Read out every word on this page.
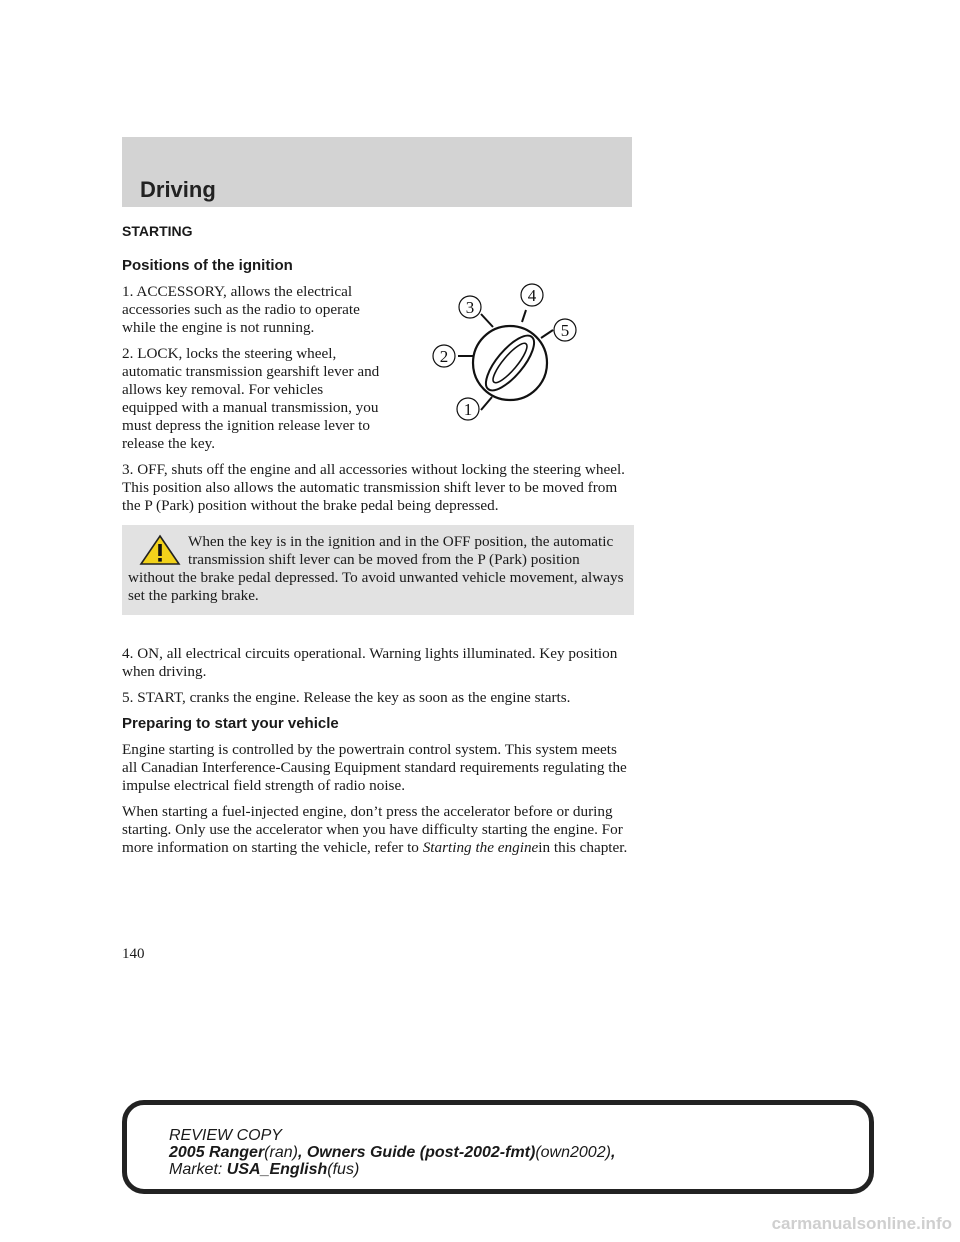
Driving
1
2
3
4
5
STARTING
Positions of the ignition

1. ACCESSORY, allows the electrical accessories such as the radio to operate while the engine is not running.

2. LOCK, locks the steering wheel, automatic transmission gearshift lever and allows key removal. For vehicles equipped with a manual transmission, you must depress the ignition release lever to release the key.

3. OFF, shuts off the engine and all accessories without locking the steering wheel. This position also allows the automatic transmission shift lever to be moved from the P (Park) position without the brake pedal being depressed.

When the key is in the ignition and in the OFF position, the automatic transmission shift lever can be moved from the P (Park) position without the brake pedal depressed. To avoid unwanted vehicle movement, always set the parking brake.

4. ON, all electrical circuits operational. Warning lights illuminated. Key position when driving.

5. START, cranks the engine. Release the key as soon as the engine starts.

Preparing to start your vehicle

Engine starting is controlled by the powertrain control system. This system meets all Canadian Interference-Causing Equipment standard requirements regulating the impulse electrical field strength of radio noise.

When starting a fuel-injected engine, don’t press the accelerator before or during starting. Only use the accelerator when you have difficulty starting the engine. For more information on starting the vehicle, refer to Starting the enginein this chapter.

140
REVIEW COPY
2005 Ranger(ran), Owners Guide (post-2002-fmt)(own2002),
Market: USA_English(fus)
carmanualsonline.info
